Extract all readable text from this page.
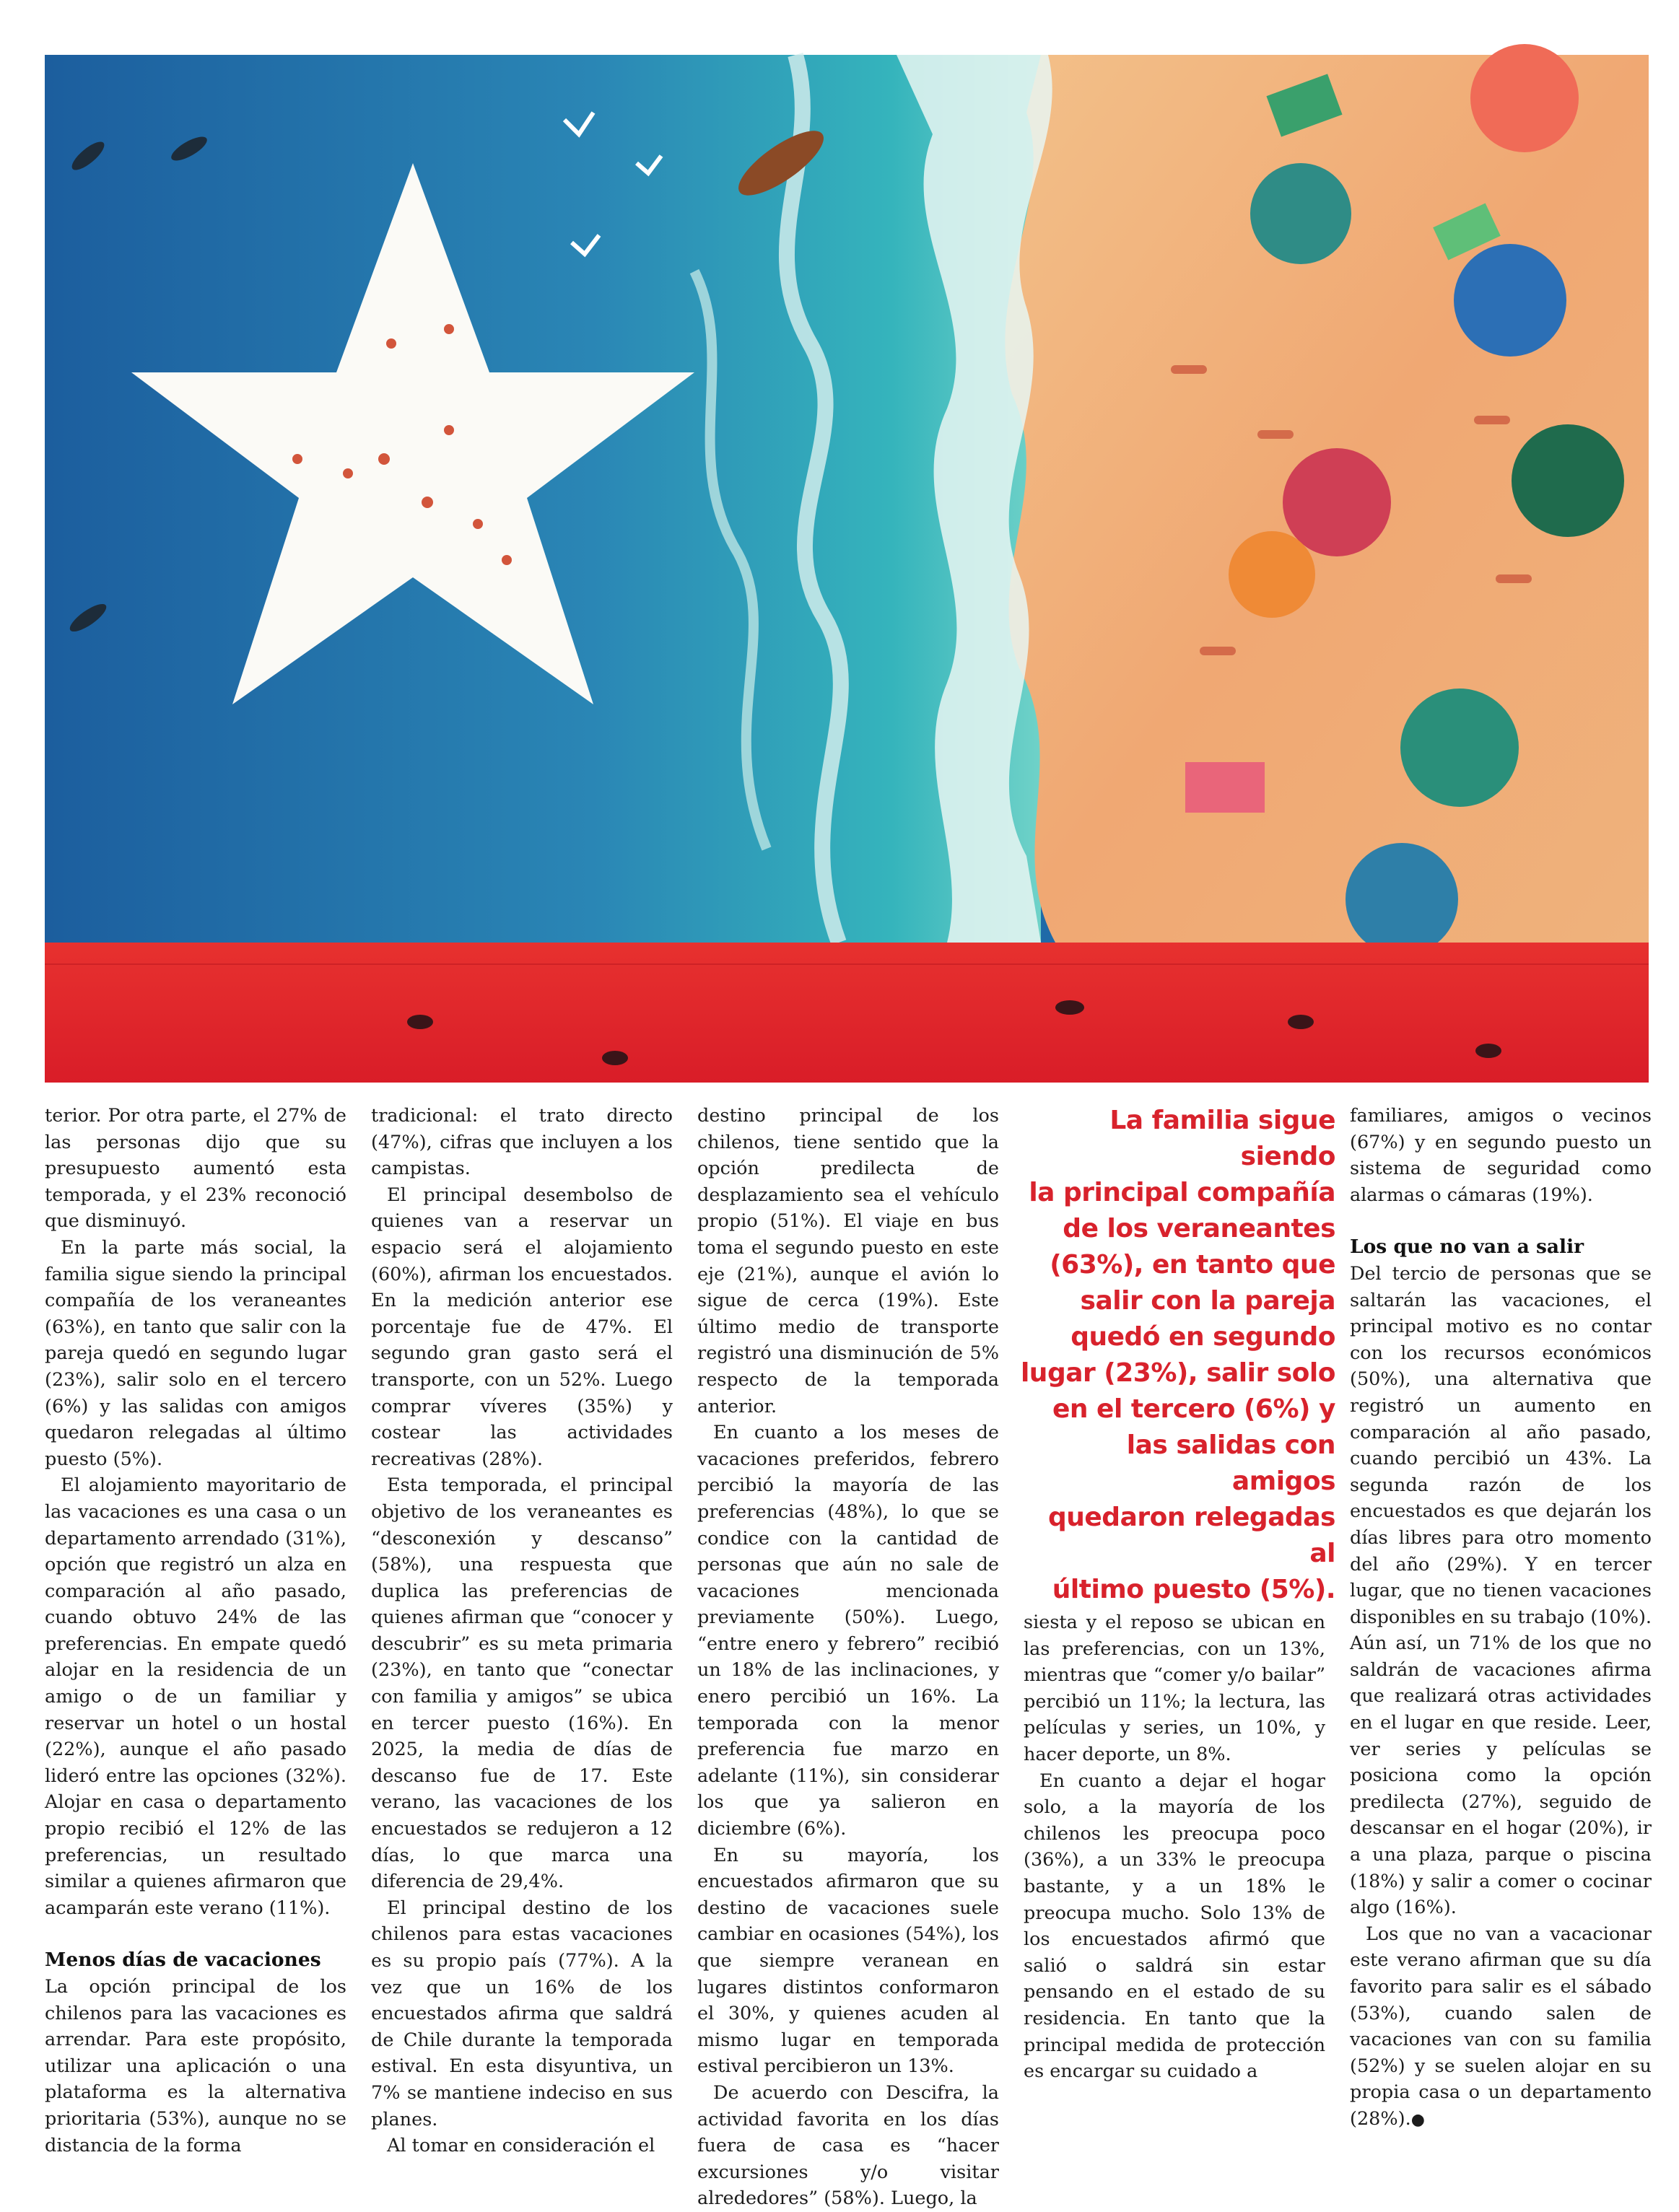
terior. Por otra parte, el 27% de las personas dijo que su presupuesto aumentó esta temporada, y el 23% reconoció que disminuyó.

En la parte más social, la familia sigue siendo la principal compañía de los veraneantes (63%), en tanto que salir con la pareja quedó en segundo lugar (23%), salir solo en el tercero (6%) y las salidas con amigos quedaron relegadas al último puesto (5%).

El alojamiento mayoritario de las vacaciones es una casa o un departamento arrendado (31%), opción que registró un alza en comparación al año pasado, cuando obtuvo 24% de las preferencias. En empate quedó alojar en la residencia de un amigo o de un familiar y reservar un hotel o un hostal (22%), aunque el año pasado lideró entre las opciones (32%). Alojar en casa o departamento propio recibió el 12% de las preferencias, un resultado similar a quienes afirmaron que acamparán este verano (11%).

Menos días de vacaciones

La opción principal de los chilenos para las vacaciones es arrendar. Para este propósito, utilizar una aplicación o una plataforma es la alternativa prioritaria (53%), aunque no se distancia de la forma

tradicional: el trato directo (47%), cifras que incluyen a los campistas.

El principal desembolso de quienes van a reservar un espacio será el alojamiento (60%), afirman los encuestados. En la medición anterior ese porcentaje fue de 47%. El segundo gran gasto será el transporte, con un 52%. Luego comprar víveres (35%) y costear las actividades recreativas (28%).

Esta temporada, el principal objetivo de los veraneantes es “desconexión y descanso” (58%), una respuesta que duplica las preferencias de quienes afirman que “conocer y descubrir” es su meta primaria (23%), en tanto que “conectar con familia y amigos” se ubica en tercer puesto (16%). En 2025, la media de días de descanso fue de 17. Este verano, las vacaciones de los encuestados se redujeron a 12 días, lo que marca una diferencia de 29,4%.

El principal destino de los chilenos para estas vacaciones es su propio país (77%). A la vez que un 16% de los encuestados afirma que saldrá de Chile durante la temporada estival. En esta disyuntiva, un 7% se mantiene indeciso en sus planes.

Al tomar en consideración el

destino principal de los chilenos, tiene sentido que la opción predilecta de desplazamiento sea el vehículo propio (51%). El viaje en bus toma el segundo puesto en este eje (21%), aunque el avión lo sigue de cerca (19%). Este último medio de transporte registró una disminución de 5% respecto de la temporada anterior.

En cuanto a los meses de vacaciones preferidos, febrero percibió la mayoría de las preferencias (48%), lo que se condice con la cantidad de personas que aún no sale de vacaciones mencionada previamente (50%). Luego, “entre enero y febrero” recibió un 18% de las inclinaciones, y enero percibió un 16%. La temporada con la menor preferencia fue marzo en adelante (11%), sin considerar los que ya salieron en diciembre (6%).

En su mayoría, los encuestados afirmaron que su destino de vacaciones suele cambiar en ocasiones (54%), los que siempre veranean en lugares distintos conformaron el 30%, y quienes acuden al mismo lugar en temporada estival percibieron un 13%.

De acuerdo con Descifra, la actividad favorita en los días fuera de casa es “hacer excursiones y/o visitar alrededores” (58%). Luego, la

La familia sigue siendo
la principal compañía
de los veraneantes
(63%), en tanto que
salir con la pareja
quedó en segundo
lugar (23%), salir solo
en el tercero (6%) y
las salidas con amigos
quedaron relegadas al
último puesto (5%).

siesta y el reposo se ubican en las preferencias, con un 13%, mientras que “comer y/o bailar” percibió un 11%; la lectura, las películas y series, un 10%, y hacer deporte, un 8%.

En cuanto a dejar el hogar solo, a la mayoría de los chilenos les preocupa poco (36%), a un 33% le preocupa bastante, y a un 18% le preocupa mucho. Solo 13% de los encuestados afirmó que salió o saldrá sin estar pensando en el estado de su residencia. En tanto que la principal medida de protección es encargar su cuidado a

familiares, amigos o vecinos (67%) y en segundo puesto un sistema de seguridad como alarmas o cámaras (19%).

Los que no van a salir

Del tercio de personas que se saltarán las vacaciones, el principal motivo es no contar con los recursos económicos (50%), una alternativa que registró un aumento en comparación al año pasado, cuando percibió un 43%. La segunda razón de los encuestados es que dejarán los días libres para otro momento del año (29%). Y en tercer lugar, que no tienen vacaciones disponibles en su trabajo (10%). Aún así, un 71% de los que no saldrán de vacaciones afirma que realizará otras actividades en el lugar en que reside. Leer, ver series y películas se posiciona como la opción predilecta (27%), seguido de descansar en el hogar (20%), ir a una plaza, parque o piscina (18%) y salir a comer o cocinar algo (16%).

Los que no van a vacacionar este verano afirman que su día favorito para salir es el sábado (53%), cuando salen de vacaciones van con su familia (52%) y se suelen alojar en su propia casa o un departamento (28%).●
